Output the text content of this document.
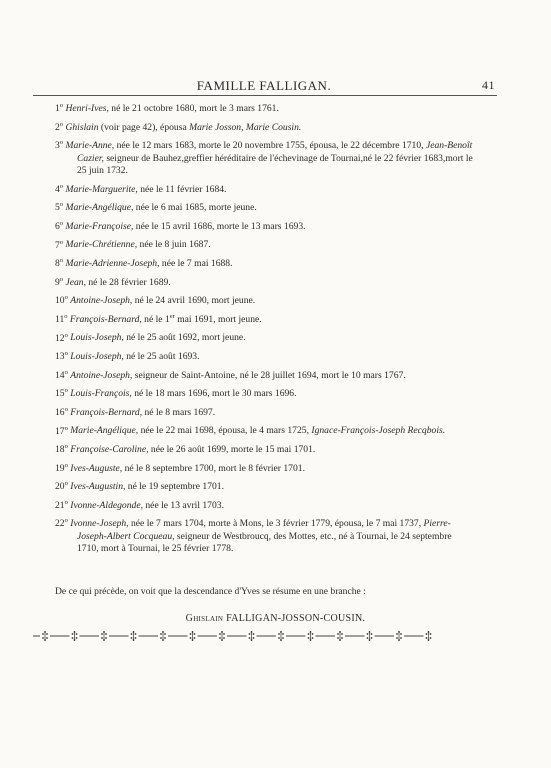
FAMILLE FALLIGAN.	41

1$^o$ Henri-Ives, né le 21 octobre 1680, mort le 3 mars 1761.

2$^o$ Ghislain (voir page 42), épousa Marie Josson, Marie Cousin.

3$^o$ Marie-Anne, née le 12 mars 1683, morte le 20 novembre 1755, épousa, le 22 décembre 1710, Jean-Benoît Cazier, seigneur de Bauhez,greffier héréditaire de l'échevinage de Tournai,né le 22 février 1683,mort le 25 juin 1732.

4$^o$ Marie-Marguerite, née le 11 février 1684.

5$^o$ Marie-Angélique, née le 6 mai 1685, morte jeune.

6$^o$ Marie-Françoise, née le 15 avril 1686, morte le 13 mars 1693.

7$^o$ Marie-Chrétienne, née le 8 juin 1687.

8$^o$ Marie-Adrienne-Joseph, née le 7 mai 1688.

9$^o$ Jean, né le 28 février 1689.

10$^o$ Antoine-Joseph, né le 24 avril 1690, mort jeune.

11$^o$ François-Bernard, né le 1er mai 1691, mort jeune.

12$^o$ Louis-Joseph, né le 25 août 1692, mort jeune.

13$^o$ Louis-Joseph, né le 25 août 1693.

14$^o$ Antoine-Joseph, seigneur de Saint-Antoine, né le 28 juillet 1694, mort le 10 mars 1767.

15$^o$ Louis-François, né le 18 mars 1696, mort le 30 mars 1696.

16$^o$ François-Bernard, né le 8 mars 1697.

17$^o$ Marie-Angélique, née le 22 mai 1698, épousa, le 4 mars 1725, Ignace-François-Joseph Recqbois.

18$^o$ Françoise-Caroline, née le 26 août 1699, morte le 15 mai 1701.

19$^o$ Ives-Auguste, né le 8 septembre 1700, mort le 8 février 1701.

20$^o$ Ives-Augustin, né le 19 septembre 1701.

21$^o$ Ivonne-Aldegonde, née le 13 avril 1703.

22$^o$ Ivonne-Joseph, née le 7 mars 1704, morte à Mons, le 3 février 1779, épousa, le 7 mai 1737, Pierre-Joseph-Albert Cocqueau, seigneur de Westbroucq, des Mottes, etc., né à Tournai, le 24 septembre 1710, mort à Tournai, le 25 février 1778.

De ce qui précède, on voit que la descendance d'Yves se résume en une branche :

Ghislain FALLIGAN-JOSSON-COUSIN.
